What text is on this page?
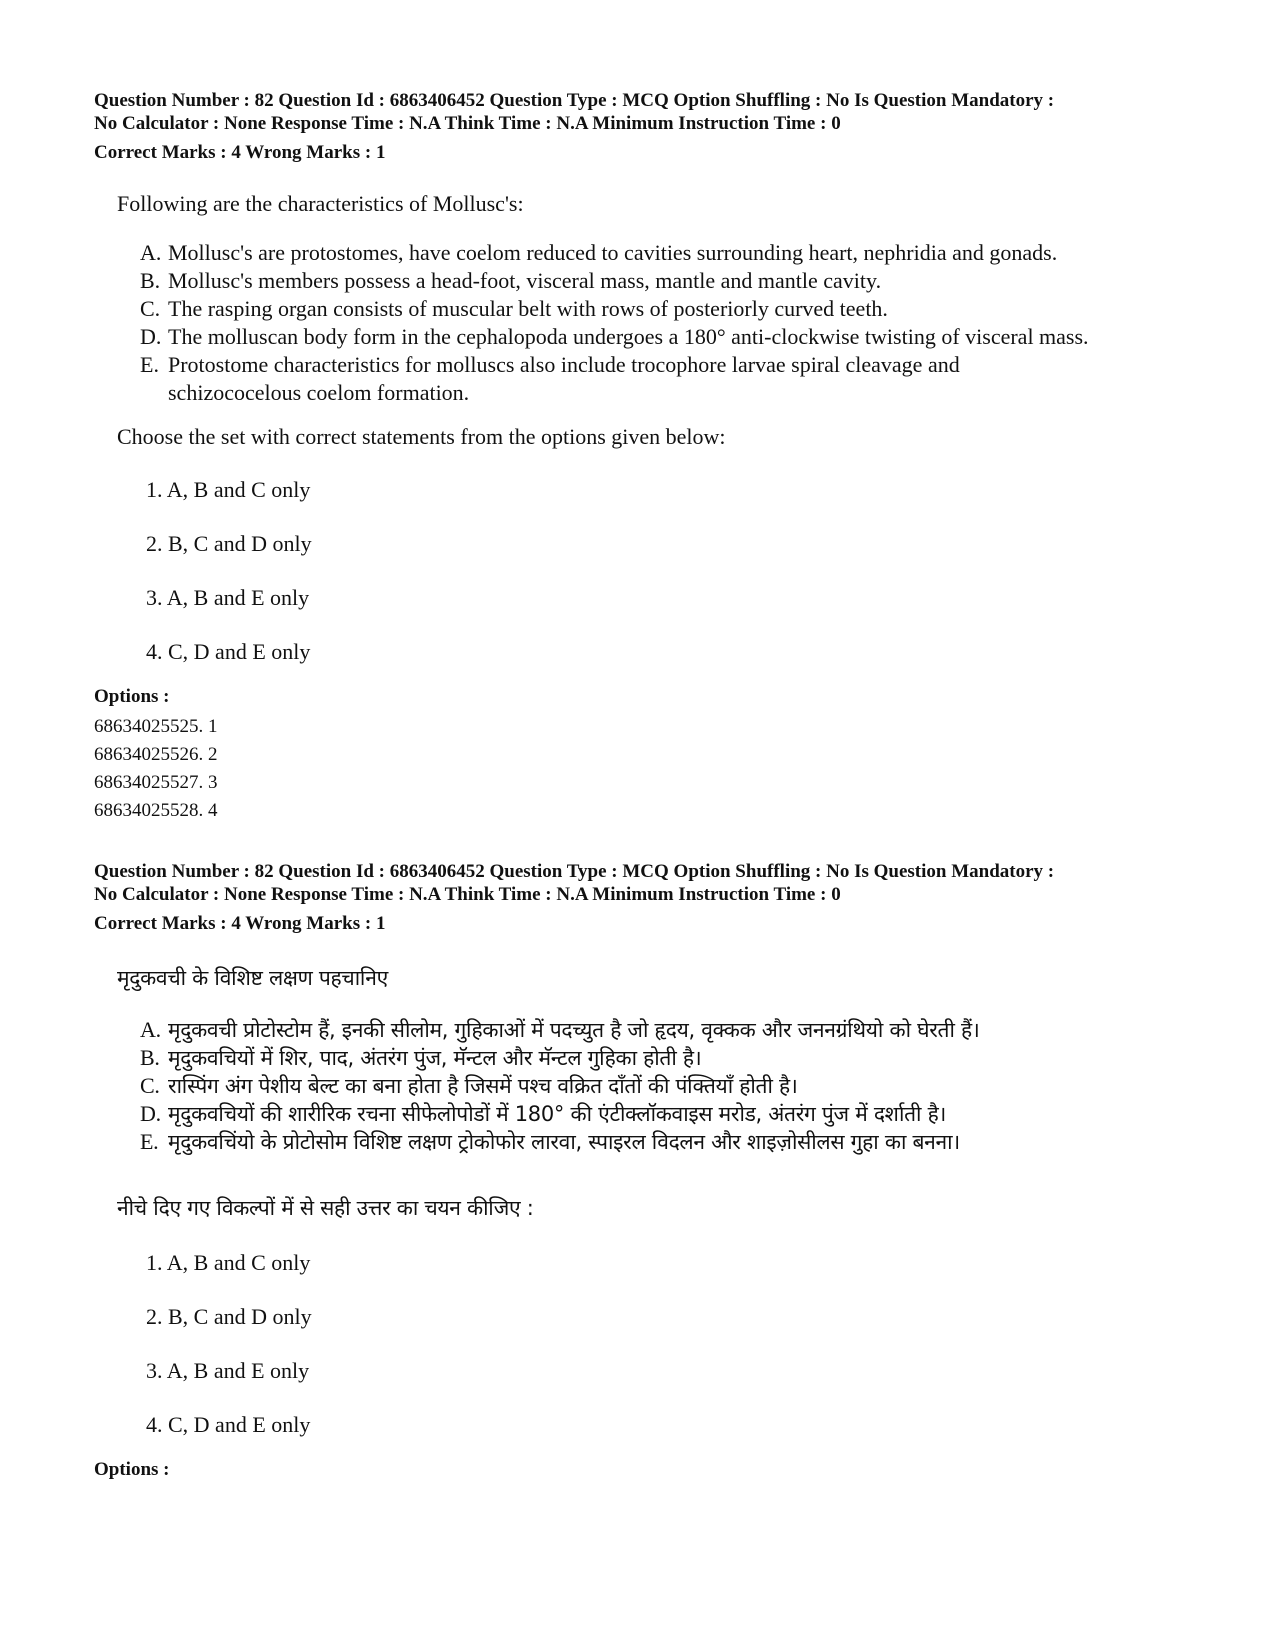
Question Number : 82 Question Id : 6863406452 Question Type : MCQ Option Shuffling : No Is Question Mandatory :

No Calculator : None Response Time : N.A Think Time : N.A Minimum Instruction Time : 0

Correct Marks : 4 Wrong Marks : 1

Following are the characteristics of Mollusc's:

A. Mollusc's are protostomes, have coelom reduced to cavities surrounding heart, nephridia and gonads.
B. Mollusc's members possess a head-foot, visceral mass, mantle and mantle cavity.
C. The rasping organ consists of muscular belt with rows of posteriorly curved teeth.
D. The molluscan body form in the cephalopoda undergoes a 180° anti-clockwise twisting of visceral mass.
E. Protostome characteristics for molluscs also include trocophore larvae spiral cleavage and schizococelous coelom formation.

Choose the set with correct statements from the options given below:

1. A, B and C only
2. B, C and D only
3. A, B and E only
4. C, D and E only

Options :

68634025525. 1
68634025526. 2
68634025527. 3
68634025528. 4

Question Number : 82 Question Id : 6863406452 Question Type : MCQ Option Shuffling : No Is Question Mandatory :

No Calculator : None Response Time : N.A Think Time : N.A Minimum Instruction Time : 0

Correct Marks : 4 Wrong Marks : 1

मृदुकवची के विशिष्ट लक्षण पहचानिए

A. मृदुकवची प्रोटोस्टोम हैं, इनकी सीलोम, गुहिकाओं में पदच्युत है जो हृदय, वृक्कक और जननग्रंथियो को घेरती हैं।
B. मृदुकवचियों में शिर, पाद, अंतरंग पुंज, मॅन्टल और मॅन्टल गुहिका होती है।
C. रास्पिंग अंग पेशीय बेल्ट का बना होता है जिसमें पश्च वक्रित दाँतों की पंक्तियाँ होती है।
D. मृदुकवचियों की शारीरिक रचना सीफेलोपोडों में 180° की एंटीक्लॉकवाइस मरोड, अंतरंग पुंज में दर्शाती है।
E. मृदुकवचिंयो के प्रोटोसोम विशिष्ट लक्षण ट्रोकोफोर लारवा, स्पाइरल विदलन और शाइज़ोसीलस गुहा का बनना।

नीचे दिए गए विकल्पों में से सही उत्तर का चयन कीजिए :

1. A, B and C only
2. B, C and D only
3. A, B and E only
4. C, D and E only

Options :
